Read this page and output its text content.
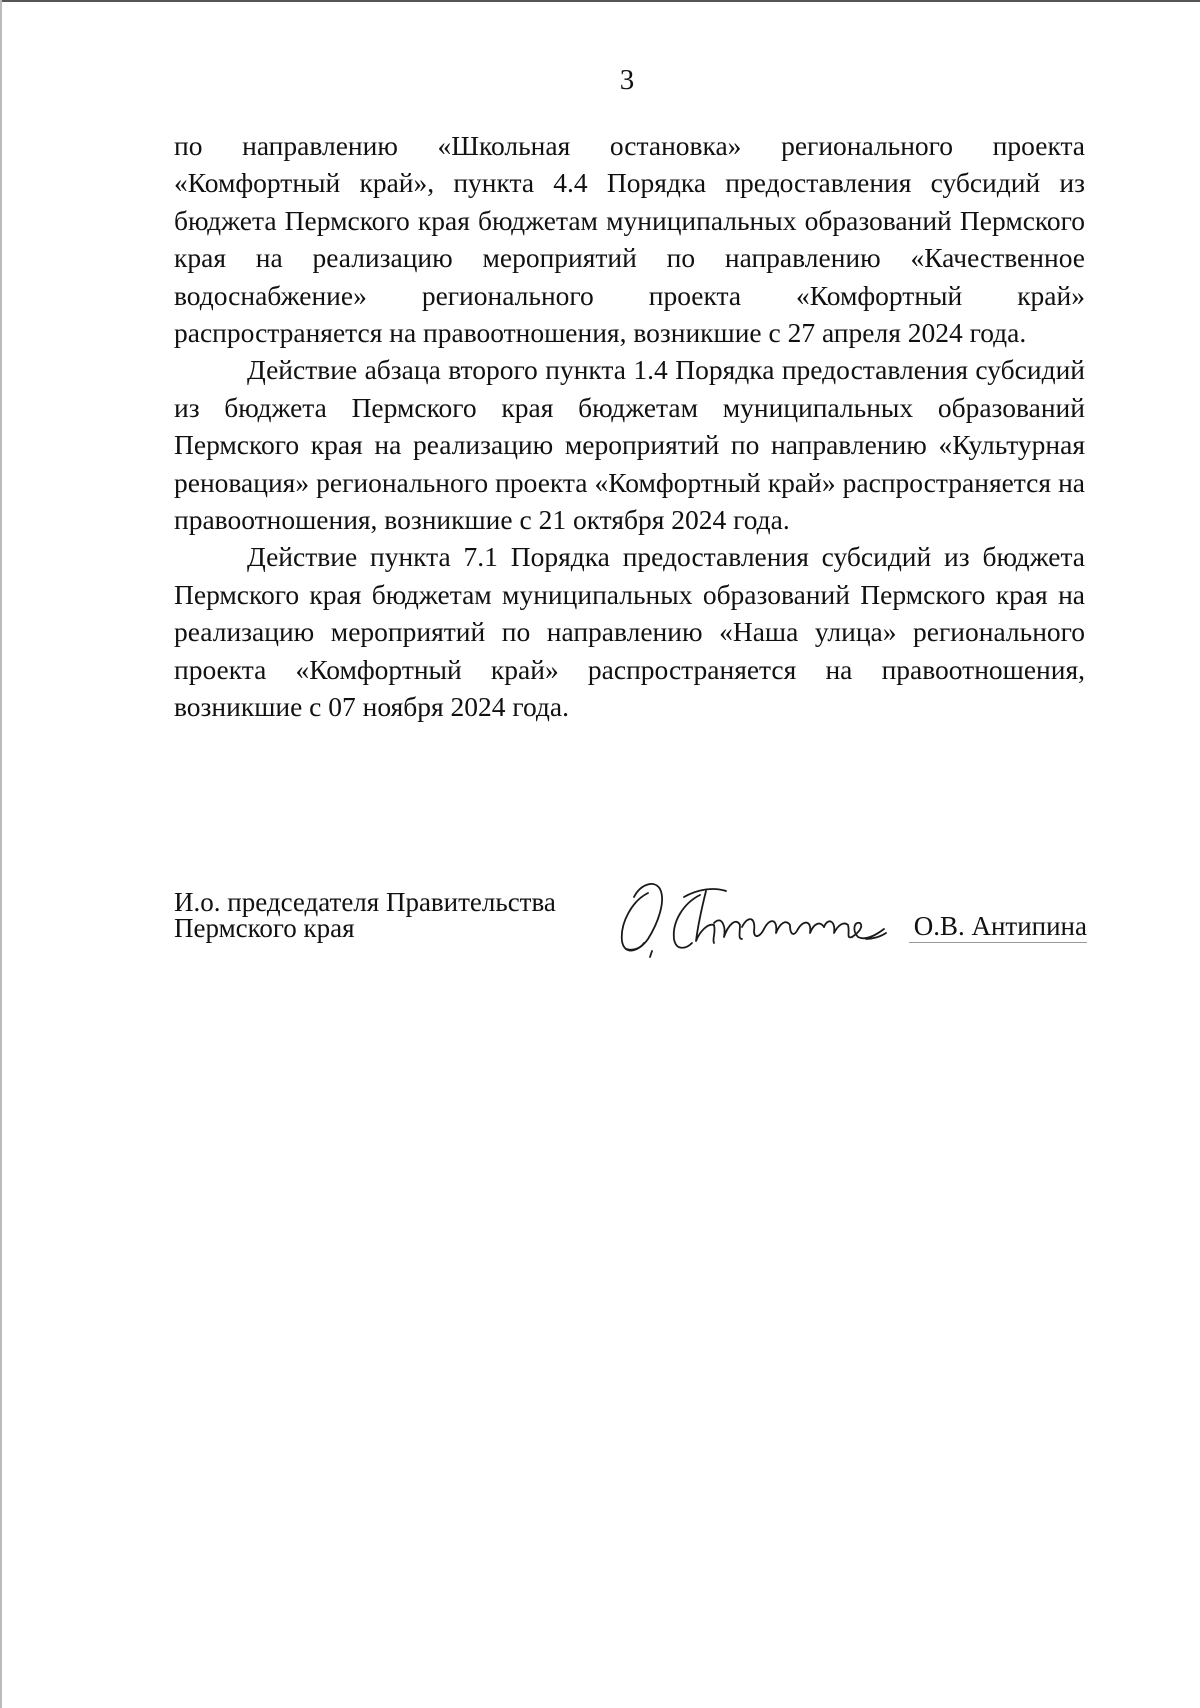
3

по направлению «Школьная остановка» регионального проекта «Комфортный край», пункта 4.4 Порядка предоставления субсидий из бюджета Пермского края бюджетам муниципальных образований Пермского края на реализацию мероприятий по направлению «Качественное водоснабжение» регионального проекта «Комфортный край» распространяется на правоотношения, возникшие с 27 апреля 2024 года.

Действие абзаца второго пункта 1.4 Порядка предоставления субсидий из бюджета Пермского края бюджетам муниципальных образований Пермского края на реализацию мероприятий по направлению «Культурная реновация» регионального проекта «Комфортный край» распространяется на правоотношения, возникшие с 21 октября 2024 года.

Действие пункта 7.1 Порядка предоставления субсидий из бюджета Пермского края бюджетам муниципальных образований Пермского края на реализацию мероприятий по направлению «Наша улица» регионального проекта «Комфортный край» распространяется на правоотношения, возникшие с 07 ноября 2024 года.

И.о. председателя Правительства
Пермского края	О.В. Антипина
